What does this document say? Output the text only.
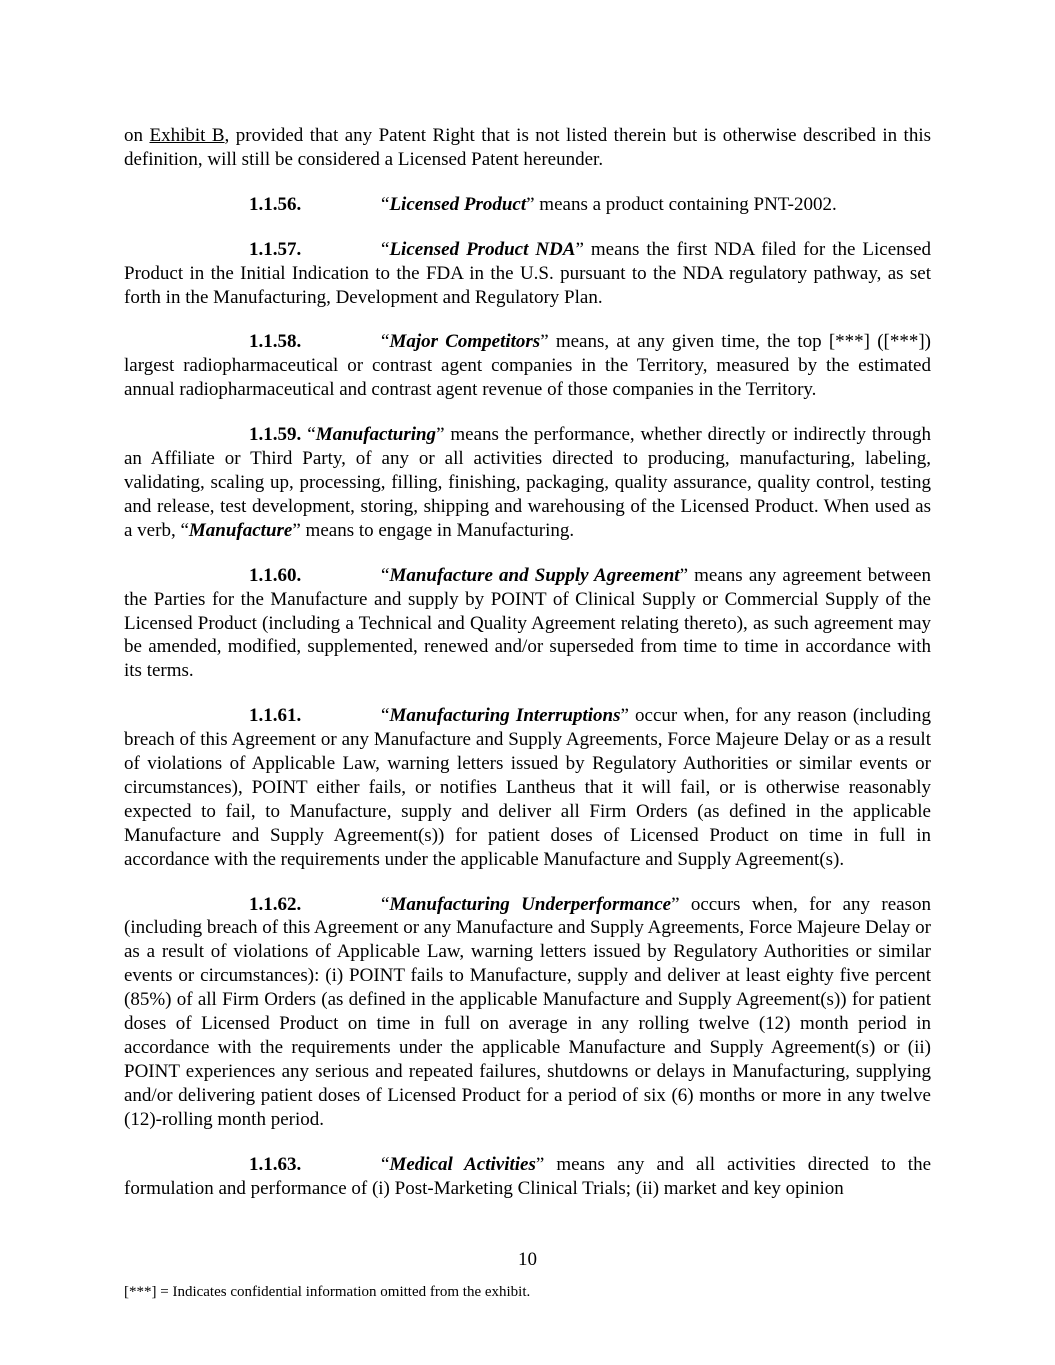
on Exhibit B, provided that any Patent Right that is not listed therein but is otherwise described in this definition, will still be considered a Licensed Patent hereunder.

1.1.56.	“Licensed Product” means a product containing PNT-2002.

1.1.57.	“Licensed Product NDA” means the first NDA filed for the Licensed Product in the Initial Indication to the FDA in the U.S. pursuant to the NDA regulatory pathway, as set forth in the Manufacturing, Development and Regulatory Plan.

1.1.58.	“Major Competitors” means, at any given time, the top [***] ([***]) largest radiopharmaceutical or contrast agent companies in the Territory, measured by the estimated annual radiopharmaceutical and contrast agent revenue of those companies in the Territory.

1.1.59. “Manufacturing” means the performance, whether directly or indirectly through an Affiliate or Third Party, of any or all activities directed to producing, manufacturing, labeling, validating, scaling up, processing, filling, finishing, packaging, quality assurance, quality control, testing and release, test development, storing, shipping and warehousing of the Licensed Product. When used as a verb, “Manufacture” means to engage in Manufacturing.

1.1.60.	“Manufacture and Supply Agreement” means any agreement between the Parties for the Manufacture and supply by POINT of Clinical Supply or Commercial Supply of the Licensed Product (including a Technical and Quality Agreement relating thereto), as such agreement may be amended, modified, supplemented, renewed and/or superseded from time to time in accordance with its terms.

1.1.61.	“Manufacturing Interruptions” occur when, for any reason (including breach of this Agreement or any Manufacture and Supply Agreements, Force Majeure Delay or as a result of violations of Applicable Law, warning letters issued by Regulatory Authorities or similar events or circumstances), POINT either fails, or notifies Lantheus that it will fail, or is otherwise reasonably expected to fail, to Manufacture, supply and deliver all Firm Orders (as defined in the applicable Manufacture and Supply Agreement(s)) for patient doses of Licensed Product on time in full in accordance with the requirements under the applicable Manufacture and Supply Agreement(s).

1.1.62.	“Manufacturing Underperformance” occurs when, for any reason (including breach of this Agreement or any Manufacture and Supply Agreements, Force Majeure Delay or as a result of violations of Applicable Law, warning letters issued by Regulatory Authorities or similar events or circumstances): (i) POINT fails to Manufacture, supply and deliver at least eighty five percent (85%) of all Firm Orders (as defined in the applicable Manufacture and Supply Agreement(s)) for patient doses of Licensed Product on time in full on average in any rolling twelve (12) month period in accordance with the requirements under the applicable Manufacture and Supply Agreement(s) or (ii) POINT experiences any serious and repeated failures, shutdowns or delays in Manufacturing, supplying and/or delivering patient doses of Licensed Product for a period of six (6) months or more in any twelve (12)-rolling month period.

1.1.63.	“Medical Activities” means any and all activities directed to the formulation and performance of (i) Post-Marketing Clinical Trials; (ii) market and key opinion

10
[***] = Indicates confidential information omitted from the exhibit.
